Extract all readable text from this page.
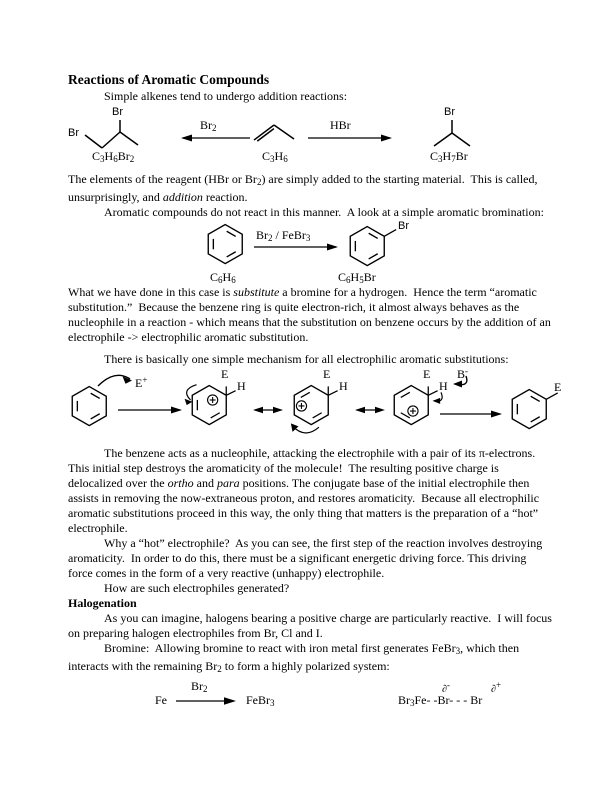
Reactions of Aromatic Compounds

Simple alkenes tend to undergo addition reactions:

Br
Br
$Br_2$	HBr
Br
$C_3H_6Br_2$	$C_3H_6$	$C_3H_7Br$

The elements of the reagent (HBr or $Br_2$) are simply added to the starting material.  This is called, unsurprisingly, and addition reaction.

Aromatic compounds do not react in this manner.  A look at a simple aromatic bromination:

$Br_2$ / FeBr$_3$
Br
$C_6H_6$	$C_6H_5Br$

What we have done in this case is substitute a bromine for a hydrogen.  Hence the term “aromatic substitution.”  Because the benzene ring is quite electron-rich, it almost always behaves as the nucleophile in a reaction - which means that the substitution on benzene occurs by the addition of an electrophile -> electrophilic aromatic substitution.

There is basically one simple mechanism for all electrophilic aromatic substitutions:

E+	E
H
E
H
E
H
B-
E

The benzene acts as a nucleophile, attacking the electrophile with a pair of its π-electrons. This initial step destroys the aromaticity of the molecule!  The resulting positive charge is delocalized over the ortho and para positions. The conjugate base of the initial electrophile then assists in removing the now-extraneous proton, and restores aromaticity.  Because all electrophilic aromatic substitutions proceed in this way, the only thing that matters is the preparation of a “hot” electrophile.

Why a “hot” electrophile?  As you can see, the first step of the reaction involves destroying aromaticity.  In order to do this, there must be a significant energetic driving force. This driving force comes in the form of a very reactive (unhappy) electrophile.

How are such electrophiles generated?

Halogenation

As you can imagine, halogens bearing a positive charge are particularly reactive.  I will focus on preparing halogen electrophiles from Br, Cl and I.

Bromine:  Allowing bromine to react with iron metal first generates FeBr$_3$, which then interacts with the remaining $Br_2$ to form a highly polarized system:

Fe
$Br_2$
FeBr$_3$
∂-	∂+
$Br_3Fe-$ -Br- - - Br
